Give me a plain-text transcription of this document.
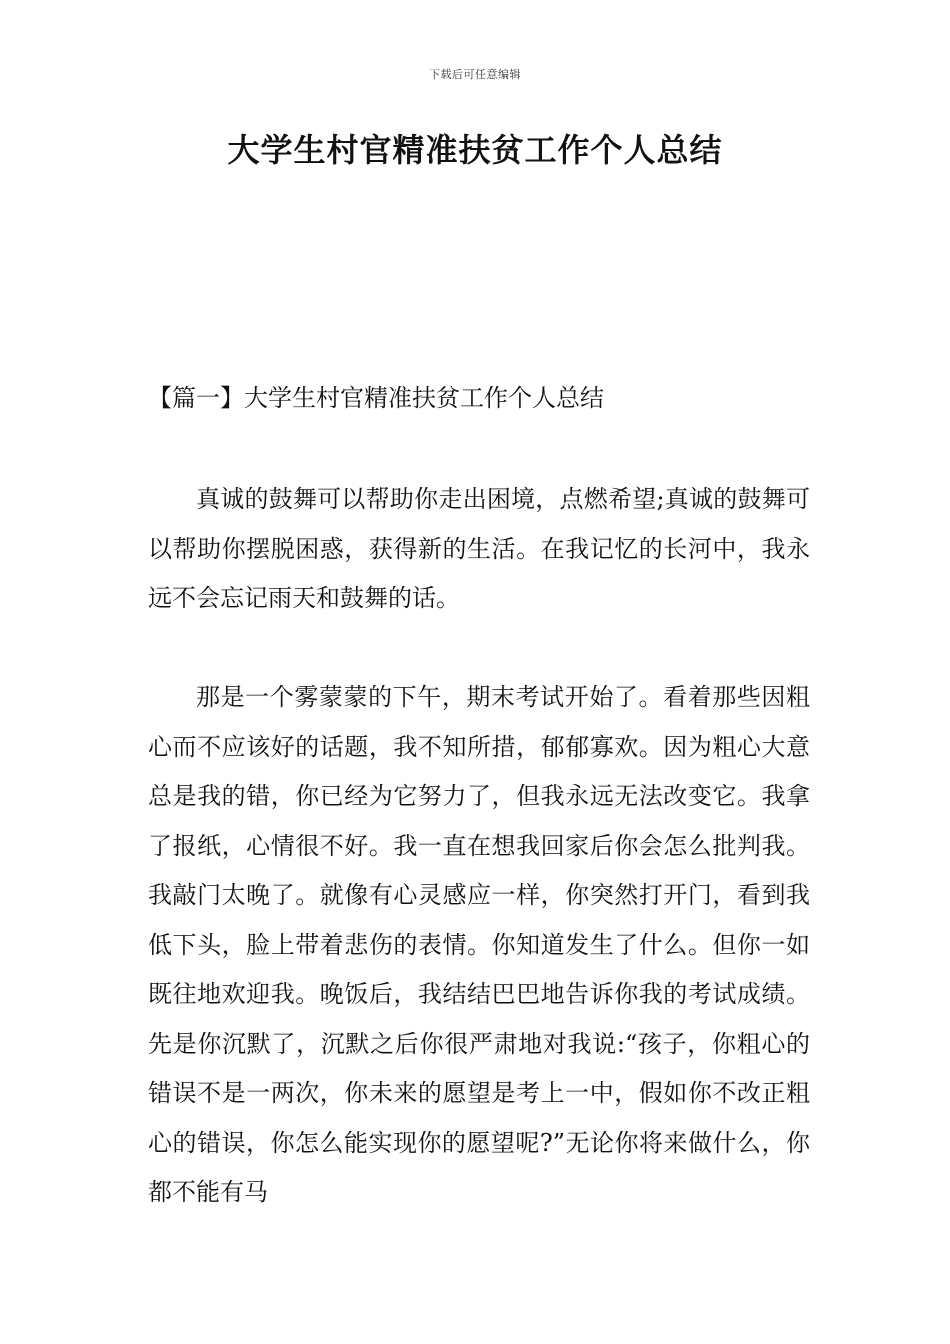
下载后可任意编辑
大学生村官精准扶贫工作个人总结

【篇一】大学生村官精准扶贫工作个人总结

真诚的鼓舞可以帮助你走出困境，点燃希望;真诚的鼓舞可以帮助你摆脱困惑，获得新的生活。在我记忆的长河中，我永远不会忘记雨天和鼓舞的话。

那是一个雾蒙蒙的下午，期末考试开始了。看着那些因粗心而不应该好的话题，我不知所措，郁郁寡欢。因为粗心大意总是我的错，你已经为它努力了，但我永远无法改变它。我拿了报纸，心情很不好。我一直在想我回家后你会怎么批判我。我敲门太晚了。就像有心灵感应一样，你突然打开门，看到我低下头，脸上带着悲伤的表情。你知道发生了什么。但你一如既往地欢迎我。晚饭后，我结结巴巴地告诉你我的考试成绩。先是你沉默了，沉默之后你很严肃地对我说:“孩子，你粗心的错误不是一两次，你未来的愿望是考上一中，假如你不改正粗心的错误，你怎么能实现你的愿望呢?”无论你将来做什么，你都不能有马
